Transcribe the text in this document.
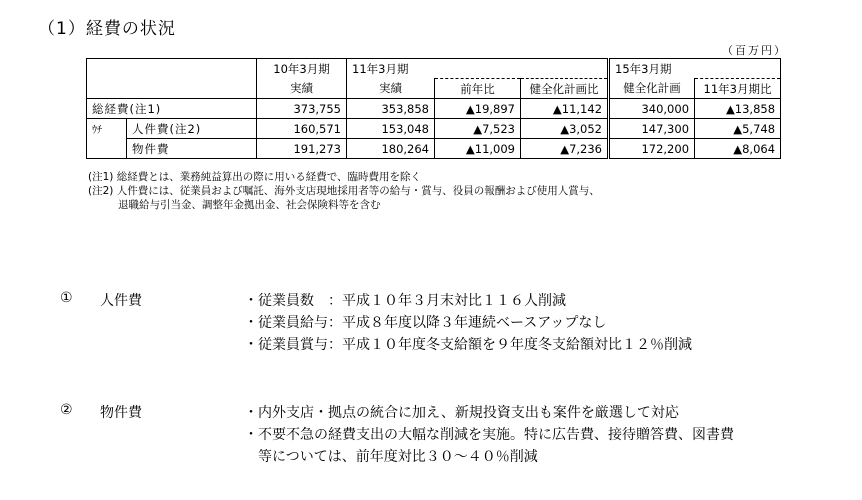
（1）経費の状況
（百万円）
		10年3月期	11年3月期			15年3月期	
		実績	実績	前年比	健全化計画比	健全化計画	11年3月期比
総経費(注1)		373,755	353,858	▲19,897	▲11,142	340,000	▲13,858
ｳﾁ	人件費(注2)	160,571	153,048	▲7,523	▲3,052	147,300	▲5,748
	物件費	191,273	180,264	▲11,009	▲7,236	172,200	▲8,064
(注1) 総経費とは、業務純益算出の際に用いる経費で、臨時費用を除く
(注2) 人件費には、従業員および嘱託、海外支店現地採用者等の給与・賞与、役員の報酬および使用人賞与、
退職給与引当金、調整年金拠出金、社会保険料等を含む
① 人件費	・従業員数　：平成１０年３月末対比１１６人削減
・従業員給与：平成８年度以降３年連続ベースアップなし
・従業員賞与：平成１０年度冬支給額を９年度冬支給額対比１２％削減
② 物件費	・内外支店・拠点の統合に加え、新規投資支出も案件を厳選して対応
・不要不急の経費支出の大幅な削減を実施。特に広告費、接待贈答費、図書費
　等については、前年度対比３０～４０％削減
